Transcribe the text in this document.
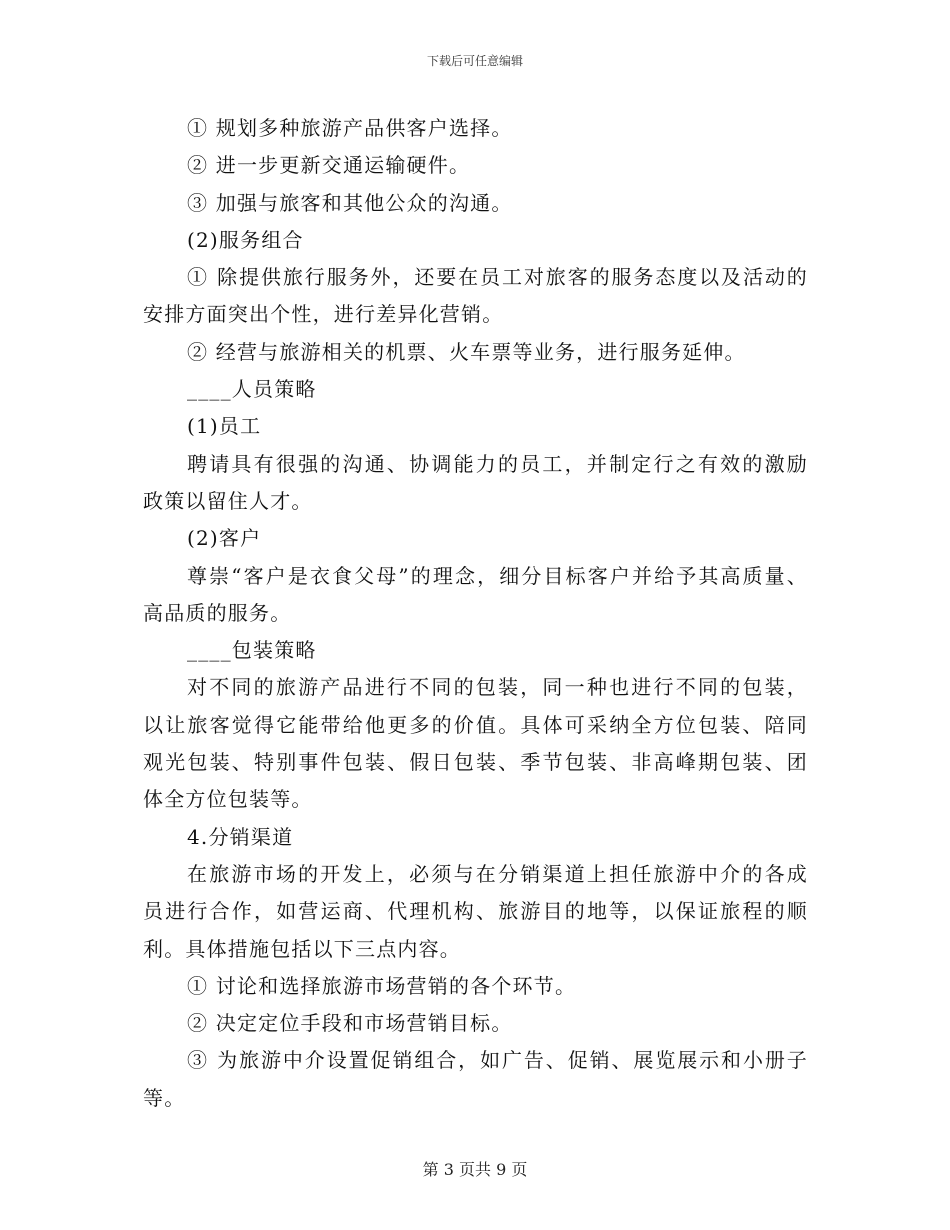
下载后可任意编辑
① 规划多种旅游产品供客户选择。
② 进一步更新交通运输硬件。
③ 加强与旅客和其他公众的沟通。
(2)服务组合
① 除提供旅行服务外，还要在员工对旅客的服务态度以及活动的
安排方面突出个性，进行差异化营销。
② 经营与旅游相关的机票、火车票等业务，进行服务延伸。
____人员策略
(1)员工
聘请具有很强的沟通、协调能力的员工，并制定行之有效的激励
政策以留住人才。
(2)客户
尊崇“客户是衣食父母”的理念，细分目标客户并给予其高质量、
高品质的服务。
____包装策略
对不同的旅游产品进行不同的包装，同一种也进行不同的包装，
以让旅客觉得它能带给他更多的价值。具体可采纳全方位包装、陪同
观光包装、特别事件包装、假日包装、季节包装、非高峰期包装、团
体全方位包装等。
4.分销渠道
在旅游市场的开发上，必须与在分销渠道上担任旅游中介的各成
员进行合作，如营运商、代理机构、旅游目的地等，以保证旅程的顺
利。具体措施包括以下三点内容。
① 讨论和选择旅游市场营销的各个环节。
② 决定定位手段和市场营销目标。
③ 为旅游中介设置促销组合，如广告、促销、展览展示和小册子
等。
第 3 页共 9 页
